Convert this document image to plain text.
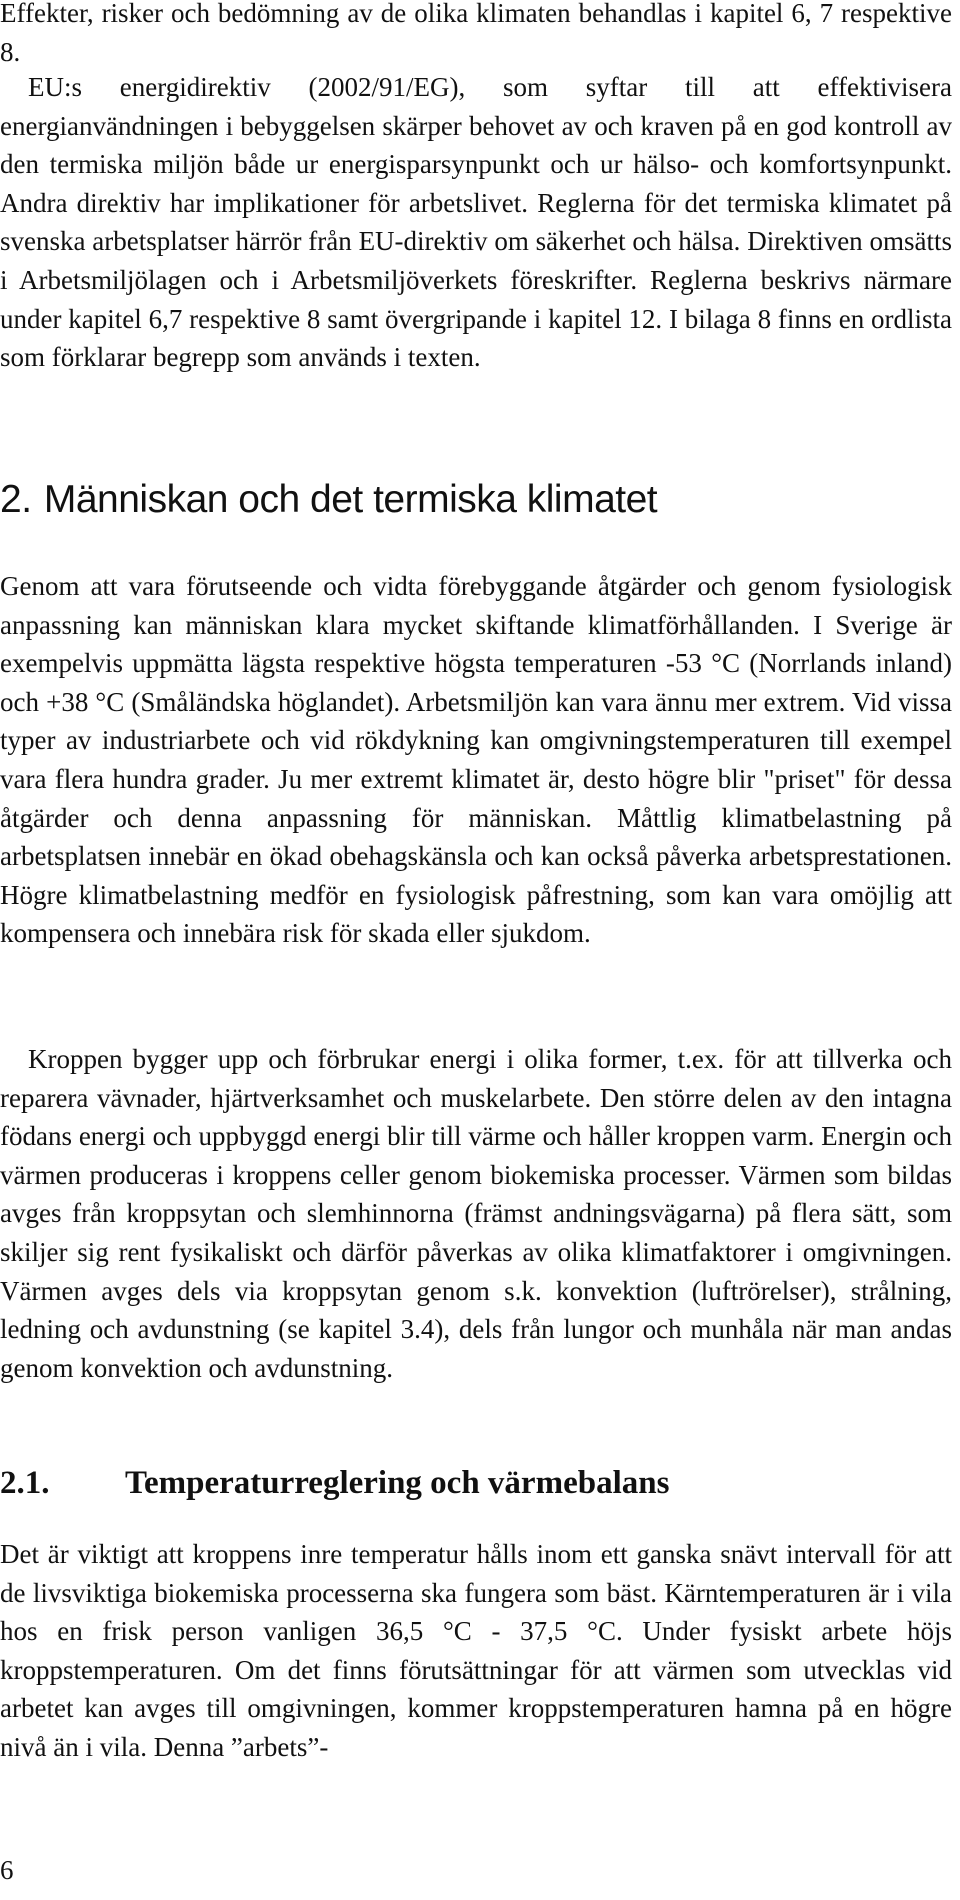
Effekter, risker och bedömning av de olika klimaten behandlas i kapitel 6, 7 respektive 8.

EU:s energidirektiv (2002/91/EG), som syftar till att effektivisera energianvändningen i bebyggelsen skärper behovet av och kraven på en god kontroll av den termiska miljön både ur energisparsynpunkt och ur hälso- och komfortsynpunkt. Andra direktiv har implikationer för arbetslivet. Reglerna för det termiska klimatet på svenska arbetsplatser härrör från EU-direktiv om säkerhet och hälsa. Direktiven omsätts i Arbetsmiljölagen och i Arbetsmiljöverkets föreskrifter. Reglerna beskrivs närmare under kapitel 6,7 respektive 8 samt övergripande i kapitel 12. I bilaga 8 finns en ordlista som förklarar begrepp som används i texten.

2. Människan och det termiska klimatet

Genom att vara förutseende och vidta förebyggande åtgärder och genom fysiologisk anpassning kan människan klara mycket skiftande klimatförhållanden. I Sverige är exempelvis uppmätta lägsta respektive högsta temperaturen -53 °C (Norrlands inland) och +38 °C (Småländska höglandet). Arbetsmiljön kan vara ännu mer extrem. Vid vissa typer av industriarbete och vid rökdykning kan omgivningstemperaturen till exempel vara flera hundra grader. Ju mer extremt klimatet är, desto högre blir "priset" för dessa åtgärder och denna anpassning för människan. Måttlig klimatbelastning på arbetsplatsen innebär en ökad obehagskänsla och kan också påverka arbetsprestationen. Högre klimatbelastning medför en fysiologisk påfrestning, som kan vara omöjlig att kompensera och innebära risk för skada eller sjukdom.

Kroppen bygger upp och förbrukar energi i olika former, t.ex. för att tillverka och reparera vävnader, hjärtverksamhet och muskelarbete. Den större delen av den intagna födans energi och uppbyggd energi blir till värme och håller kroppen varm. Energin och värmen produceras i kroppens celler genom biokemiska processer. Värmen som bildas avges från kroppsytan och slemhinnorna (främst andningsvägarna) på flera sätt, som skiljer sig rent fysikaliskt och därför påverkas av olika klimatfaktorer i omgivningen. Värmen avges dels via kroppsytan genom s.k. konvektion (luftrörelser), strålning, ledning och avdunstning (se kapitel 3.4), dels från lungor och munhåla när man andas genom konvektion och avdunstning.

2.1. Temperaturreglering och värmebalans

Det är viktigt att kroppens inre temperatur hålls inom ett ganska snävt intervall för att de livsviktiga biokemiska processerna ska fungera som bäst. Kärntemperaturen är i vila hos en frisk person vanligen 36,5 °C - 37,5 °C. Under fysiskt arbete höjs kroppstemperaturen. Om det finns förutsättningar för att värmen som utvecklas vid arbetet kan avges till omgivningen, kommer kroppstemperaturen hamna på en högre nivå än i vila. Denna ”arbets”-

6
